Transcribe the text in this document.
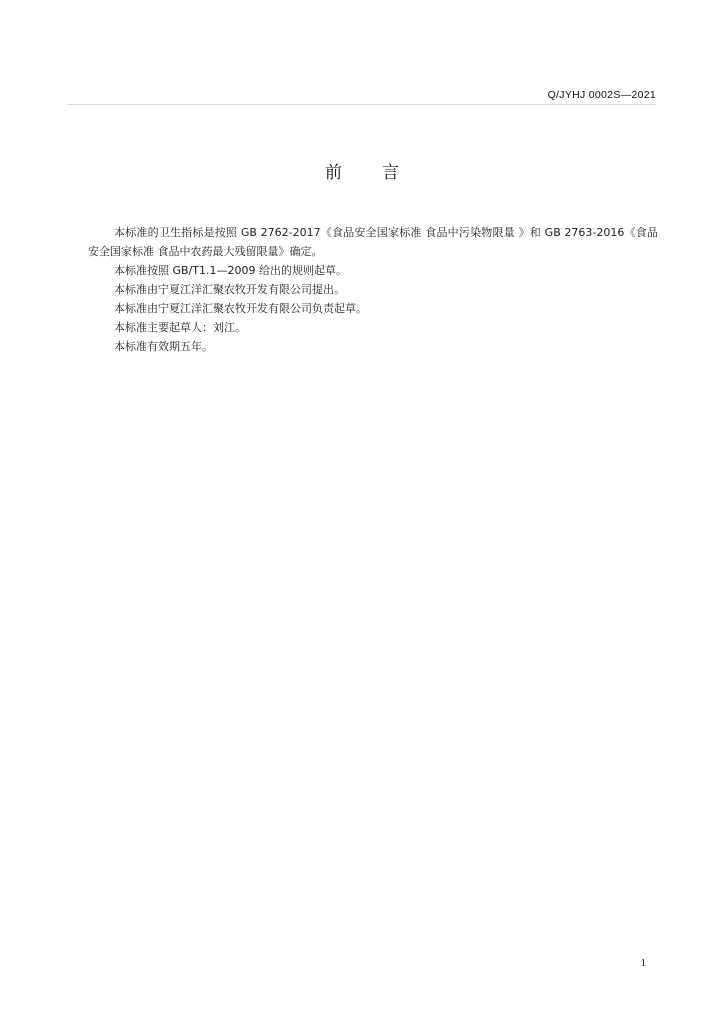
Q/JYHJ 0002S—2021
前 言

本标准的卫生指标是按照 GB 2762-2017《食品安全国家标准 食品中污染物限量 》和 GB 2763-2016《食品安全国家标准 食品中农药最大残留限量》确定。

本标准按照 GB/T1.1—2009 给出的规则起草。

本标准由宁夏江洋汇聚农牧开发有限公司提出。

本标准由宁夏江洋汇聚农牧开发有限公司负责起草。

本标准主要起草人：刘江。

本标准有效期五年。

1
